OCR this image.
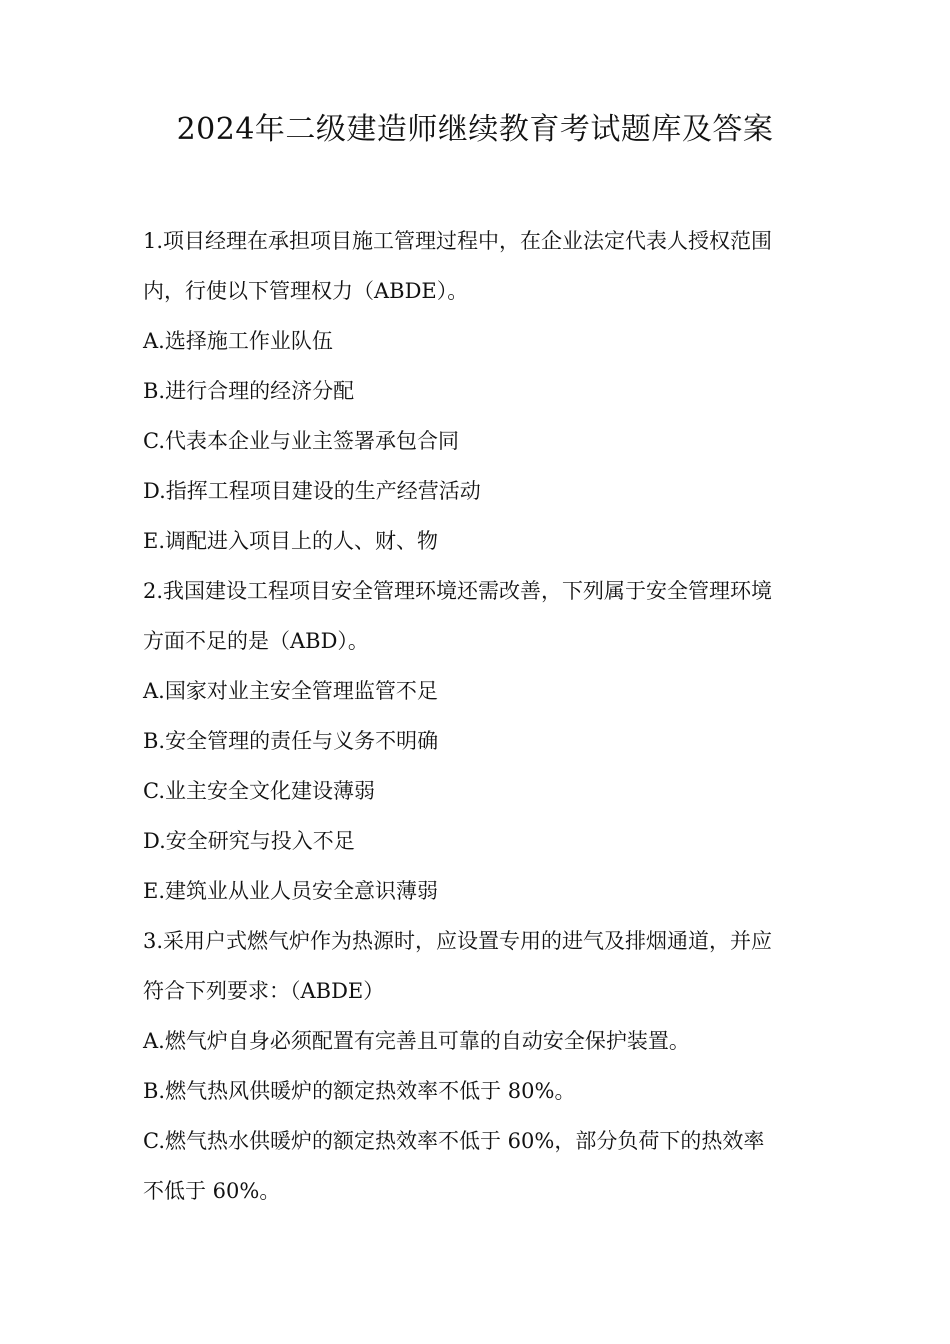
2024年二级建造师继续教育考试题库及答案
1.项目经理在承担项目施工管理过程中，在企业法定代表人授权范围
内，行使以下管理权力（ABDE）。
A.选择施工作业队伍
B.进行合理的经济分配
C.代表本企业与业主签署承包合同
D.指挥工程项目建设的生产经营活动
E.调配进入项目上的人、财、物
2.我国建设工程项目安全管理环境还需改善，下列属于安全管理环境
方面不足的是（ABD）。
A.国家对业主安全管理监管不足
B.安全管理的责任与义务不明确
C.业主安全文化建设薄弱
D.安全研究与投入不足
E.建筑业从业人员安全意识薄弱
3.采用户式燃气炉作为热源时，应设置专用的进气及排烟通道，并应
符合下列要求：（ABDE）
A.燃气炉自身必须配置有完善且可靠的自动安全保护装置。
B.燃气热风供暖炉的额定热效率不低于 80%。
C.燃气热水供暖炉的额定热效率不低于 60%，部分负荷下的热效率
不低于 60%。
